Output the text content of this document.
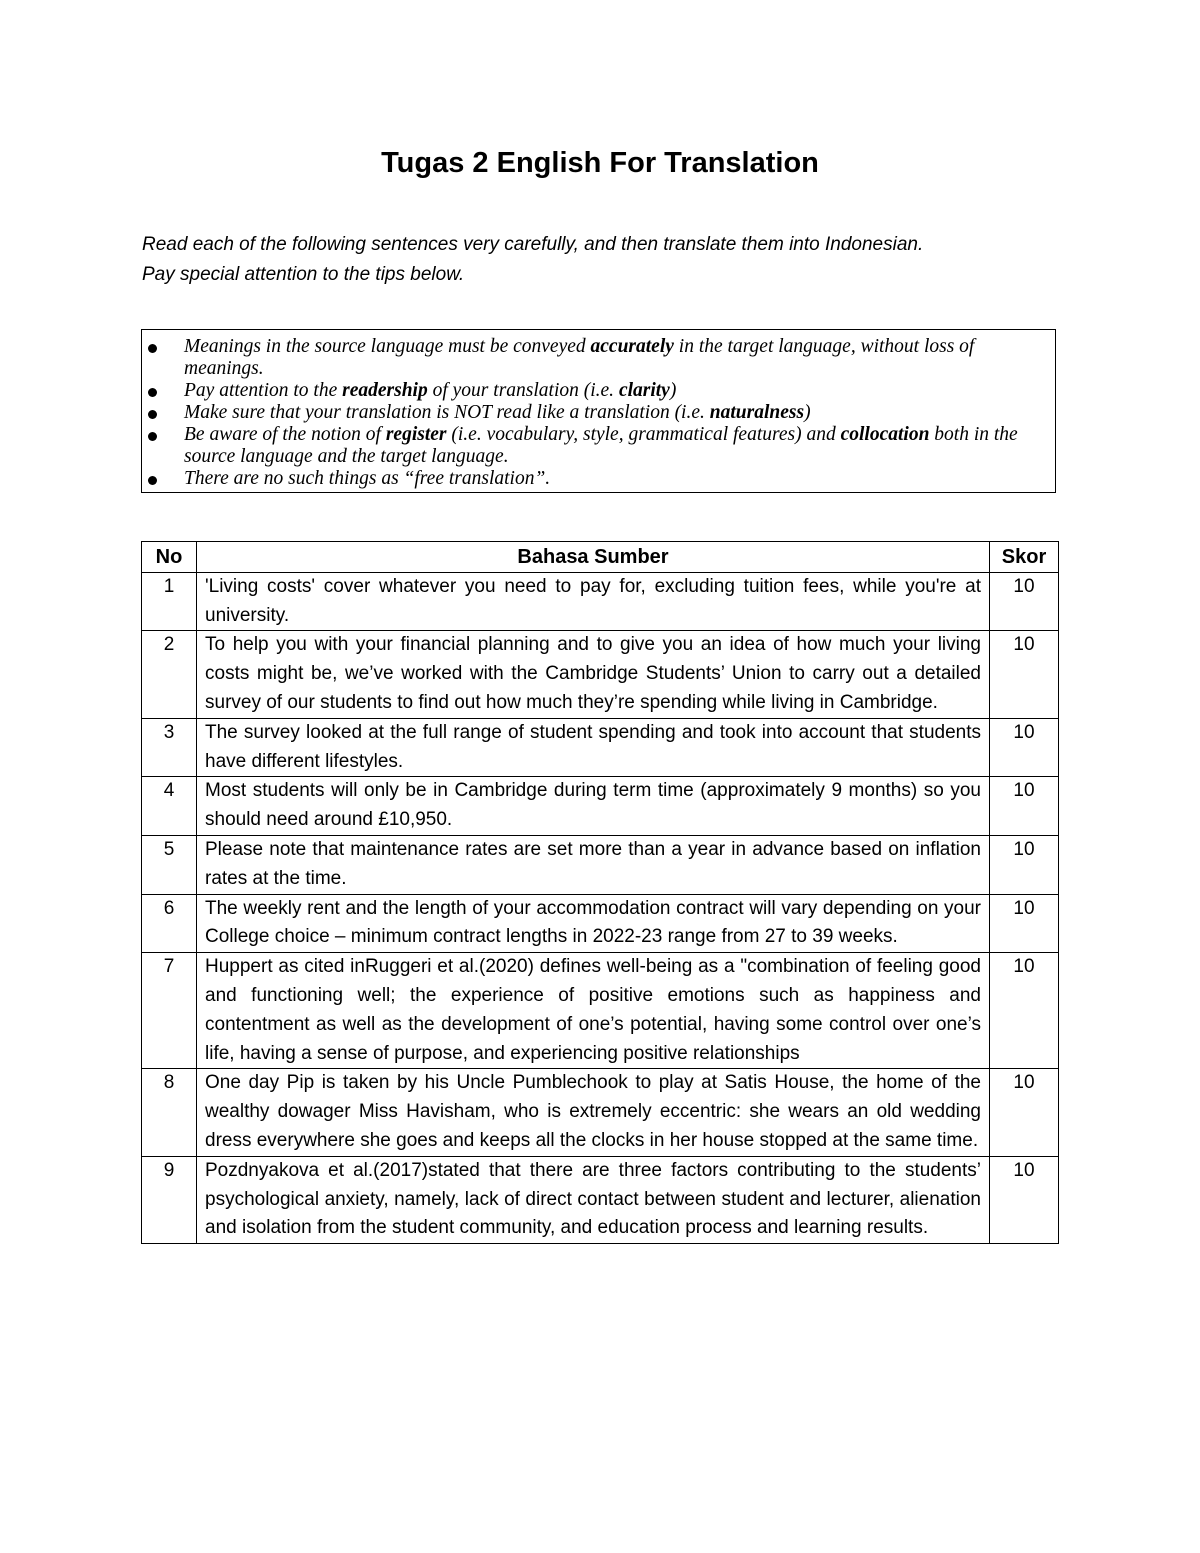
Tugas 2 English For Translation

Read each of the following sentences very carefully, and then translate them into Indonesian.

Pay special attention to the tips below.

Meanings in the source language must be conveyed accurately in the target language, without loss of meanings.
Pay attention to the readership of your translation (i.e. clarity)
Make sure that your translation is NOT read like a translation (i.e. naturalness)
Be aware of the notion of register (i.e. vocabulary, style, grammatical features) and collocation both in the source language and the target language.
There are no such things as “free translation”.
No	Bahasa Sumber	Skor
1	'Living costs' cover whatever you need to pay for, excluding tuition fees, while you're at university.	10
2	To help you with your financial planning and to give you an idea of how much your living costs might be, we’ve worked with the Cambridge Students’ Union to carry out a detailed survey of our students to find out how much they’re spending while living in Cambridge.	10
3	The survey looked at the full range of student spending and took into account that students have different lifestyles.	10
4	Most students will only be in Cambridge during term time (approximately 9 months) so you should need around £10,950.	10
5	Please note that maintenance rates are set more than a year in advance based on inflation rates at the time.	10
6	The weekly rent and the length of your accommodation contract will vary depending on your College choice – minimum contract lengths in 2022-23 range from 27 to 39 weeks.	10
7	Huppert as cited inRuggeri et al.(2020) defines well-being as a "combination of feeling good and functioning well; the experience of positive emotions such as happiness and contentment as well as the development of one’s potential, having some control over one’s life, having a sense of purpose, and experiencing positive relationships	10
8	One day Pip is taken by his Uncle Pumblechook to play at Satis House, the home of the wealthy dowager Miss Havisham, who is extremely eccentric: she wears an old wedding dress everywhere she goes and keeps all the clocks in her house stopped at the same time.	10
9	Pozdnyakova et al.(2017)stated that there are three factors contributing to the students’ psychological anxiety, namely, lack of direct contact between student and lecturer, alienation and isolation from the student community, and education process and learning results.	10
